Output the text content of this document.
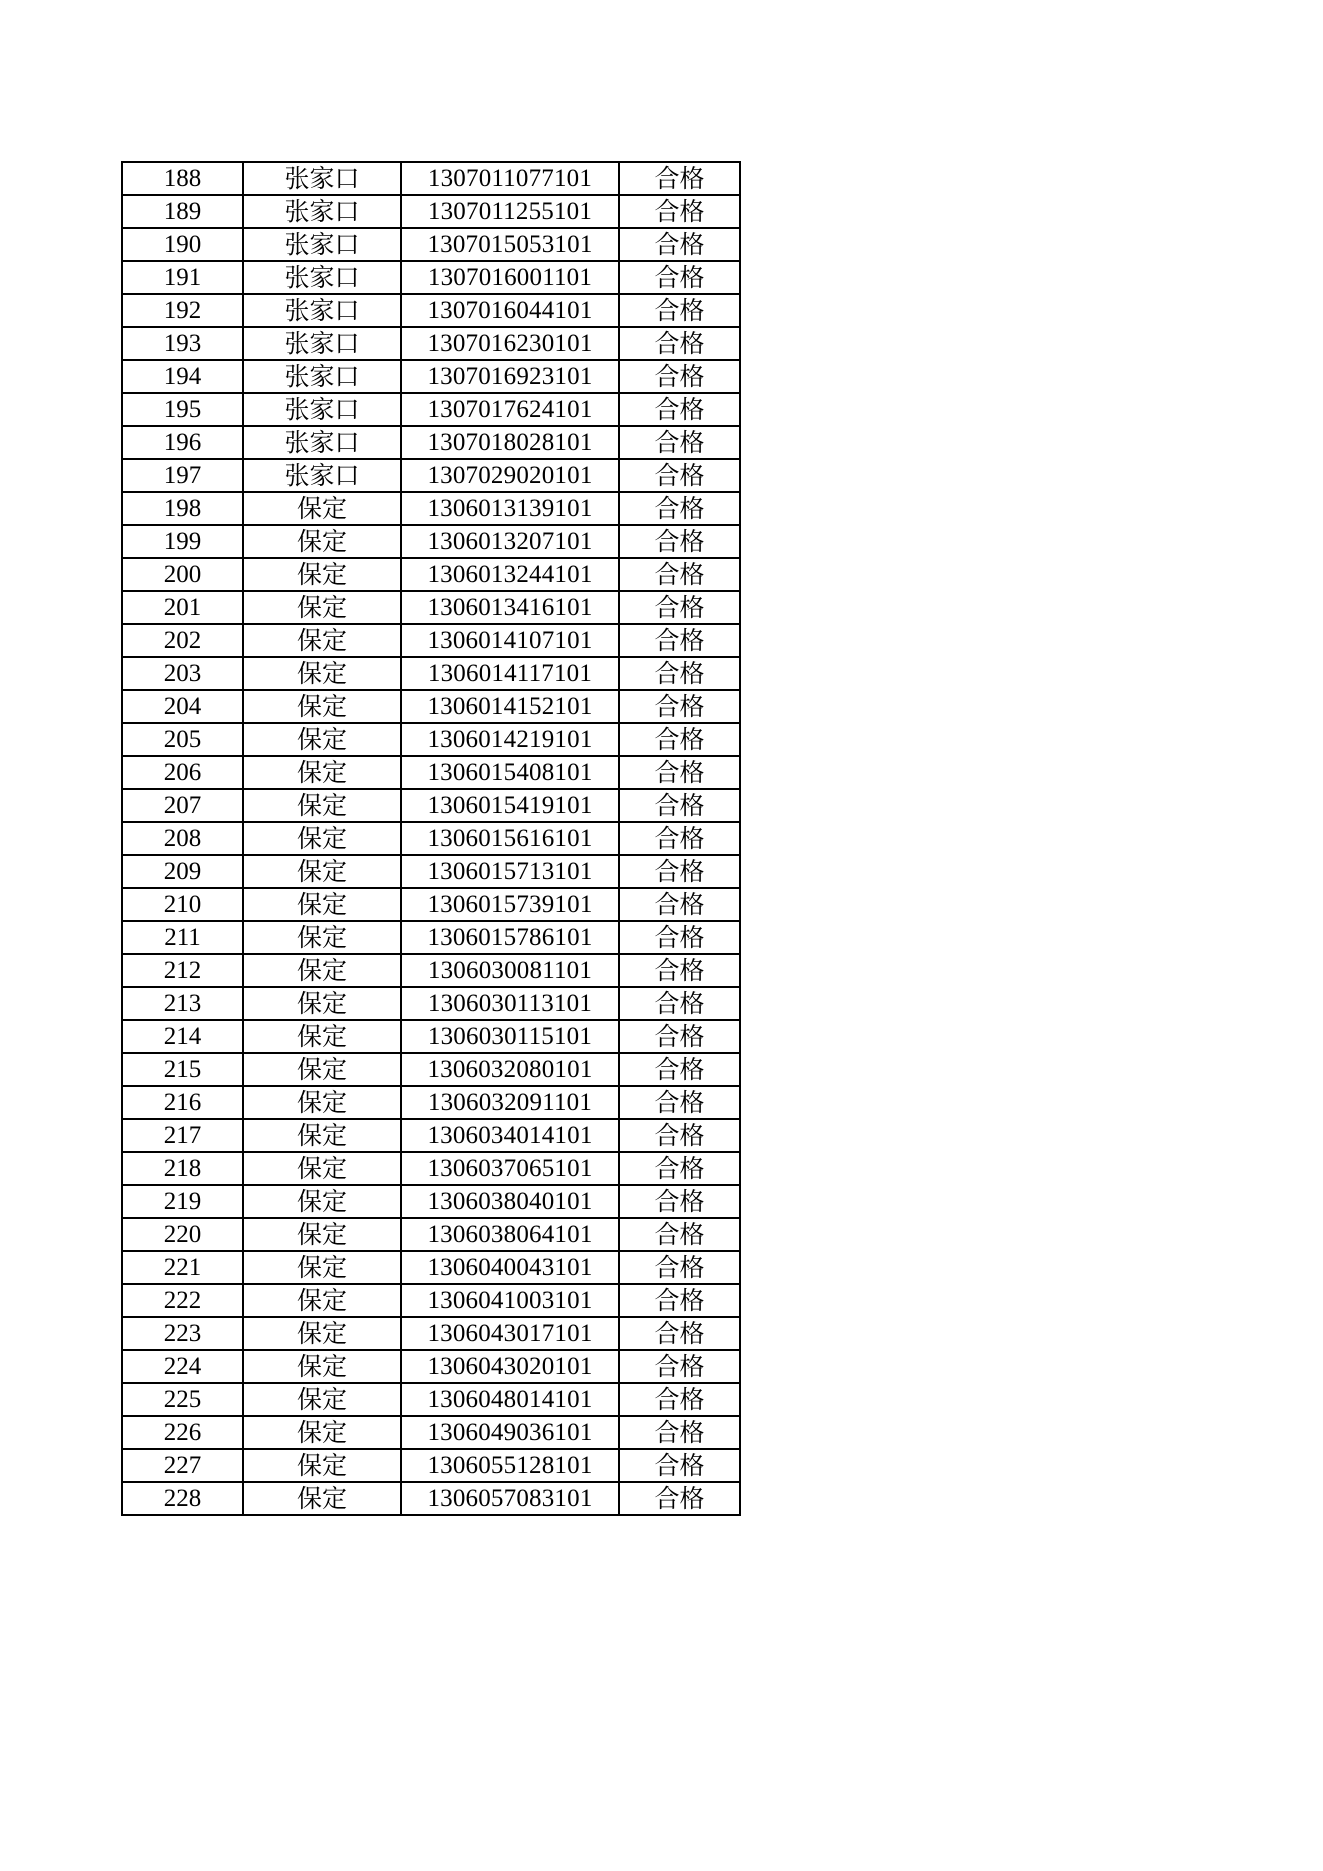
188	张家口	1307011077101	合格
189	张家口	1307011255101	合格
190	张家口	1307015053101	合格
191	张家口	1307016001101	合格
192	张家口	1307016044101	合格
193	张家口	1307016230101	合格
194	张家口	1307016923101	合格
195	张家口	1307017624101	合格
196	张家口	1307018028101	合格
197	张家口	1307029020101	合格
198	保定	1306013139101	合格
199	保定	1306013207101	合格
200	保定	1306013244101	合格
201	保定	1306013416101	合格
202	保定	1306014107101	合格
203	保定	1306014117101	合格
204	保定	1306014152101	合格
205	保定	1306014219101	合格
206	保定	1306015408101	合格
207	保定	1306015419101	合格
208	保定	1306015616101	合格
209	保定	1306015713101	合格
210	保定	1306015739101	合格
211	保定	1306015786101	合格
212	保定	1306030081101	合格
213	保定	1306030113101	合格
214	保定	1306030115101	合格
215	保定	1306032080101	合格
216	保定	1306032091101	合格
217	保定	1306034014101	合格
218	保定	1306037065101	合格
219	保定	1306038040101	合格
220	保定	1306038064101	合格
221	保定	1306040043101	合格
222	保定	1306041003101	合格
223	保定	1306043017101	合格
224	保定	1306043020101	合格
225	保定	1306048014101	合格
226	保定	1306049036101	合格
227	保定	1306055128101	合格
228	保定	1306057083101	合格
